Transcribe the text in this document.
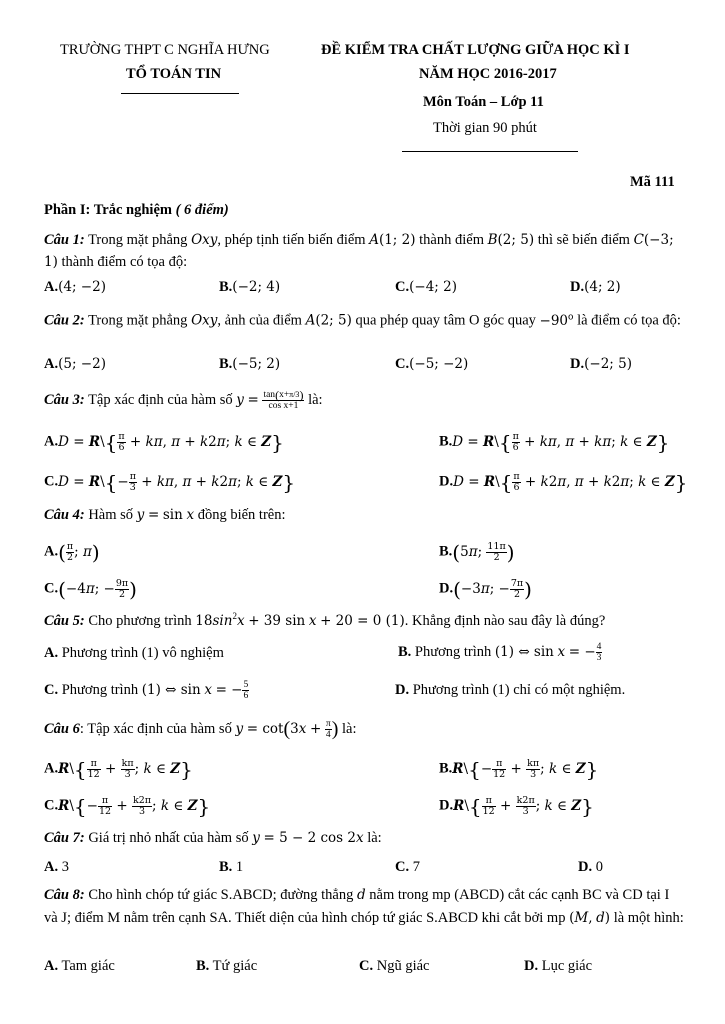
TRƯỜNG THPT C NGHĨA HƯNG
TỔ TOÁN TIN
ĐỀ KIỂM TRA CHẤT LƯỢNG GIỮA HỌC KÌ I
NĂM HỌC 2016-2017
Môn Toán – Lớp 11
Thời gian 90 phút
Mã 111
Phần I: Trắc nghiệm ( 6 điểm)
Câu 1: Trong mặt phẳng Oxy, phép tịnh tiến biến điểm A(1; 2) thành điểm B(2; 5) thì sẽ biến điểm C(−3; 1) thành điểm có tọa độ:
A.(4; −2)	B.(−2; 4)	C.(−4; 2)	D.(4; 2)
Câu 2: Trong mặt phẳng Oxy, ảnh của điểm A(2; 5) qua phép quay tâm O góc quay $-90^o$ là điểm có tọa độ:
A.(5; −2)	B.(−5; 2)	C.(−5; −2)	D.(−2; 5)
Câu 3: Tập xác định của hàm số $y = \frac{\tan(x+\pi/3)}{\text{cos x+1}}$ là:
A.D = R\{ $\frac{\pi}{6} + k\pi$, π + k2π; k ∈ Z}	B.D = R\{ $\frac{\pi}{6} + k\pi$, π + kπ; k ∈ Z}
C.D = R\{− $\frac{\pi}{3} + k\pi$, π + k2π; k ∈ Z}	D.D = R\{ $\frac{\pi}{6} + k2\pi$, π + k2π; k ∈ Z}
Câu 4: Hàm số y = sin x đồng biến trên:
$A.( \frac{\pi}{2}$ ; π)	B.(5π; $\frac{11\pi}{2}$ )
C.(−4π; − $\frac{9\pi}{2}$ )	D.(−3π; − $\frac{7\pi}{2}$ )
Câu 5: Cho phương trình $18\sin^2x + 39$ sin x + 20 = 0 (1). Khẳng định nào sau đây là đúng?
A. Phương trình (1) vô nghiệm	B. Phương trình (1) ⇔ sin x = − $\frac{4}{3}$
C. Phương trình (1) ⇔ sin x = − $\frac{5}{6}$	D. Phương trình (1) chỉ có một nghiệm.
Câu 6: Tập xác định của hàm số $y = \cot(3x + \frac{\pi}{4}$ ) là:
A.R\{ $\frac{\pi}{12} + \frac{k\pi}{3}$ ; k ∈ Z}	B.R\{− $\frac{\pi}{12} + \frac{k\pi}{3}$ ; k ∈ Z}
C.R\{− $\frac{\pi}{12} + \frac{k2\pi}{3}$ ; k ∈ Z}	D.R\{ $\frac{\pi}{12} + \frac{k2\pi}{3}$ ; k ∈ Z}
Câu 7: Giá trị nhỏ nhất của hàm số y = 5 − 2 cos 2x là:
A. 3	B. 1	C. 7	D. 0
Câu 8: Cho hình chóp tứ giác S.ABCD; đường thẳng d nằm trong mp (ABCD) cắt các cạnh BC và CD tại I và J; điểm M nằm trên cạnh SA. Thiết diện của hình chóp tứ giác S.ABCD khi cắt bởi mp (M, d) là một hình:
A. Tam giác	B. Tứ giác	C. Ngũ giác	D. Lục giác
